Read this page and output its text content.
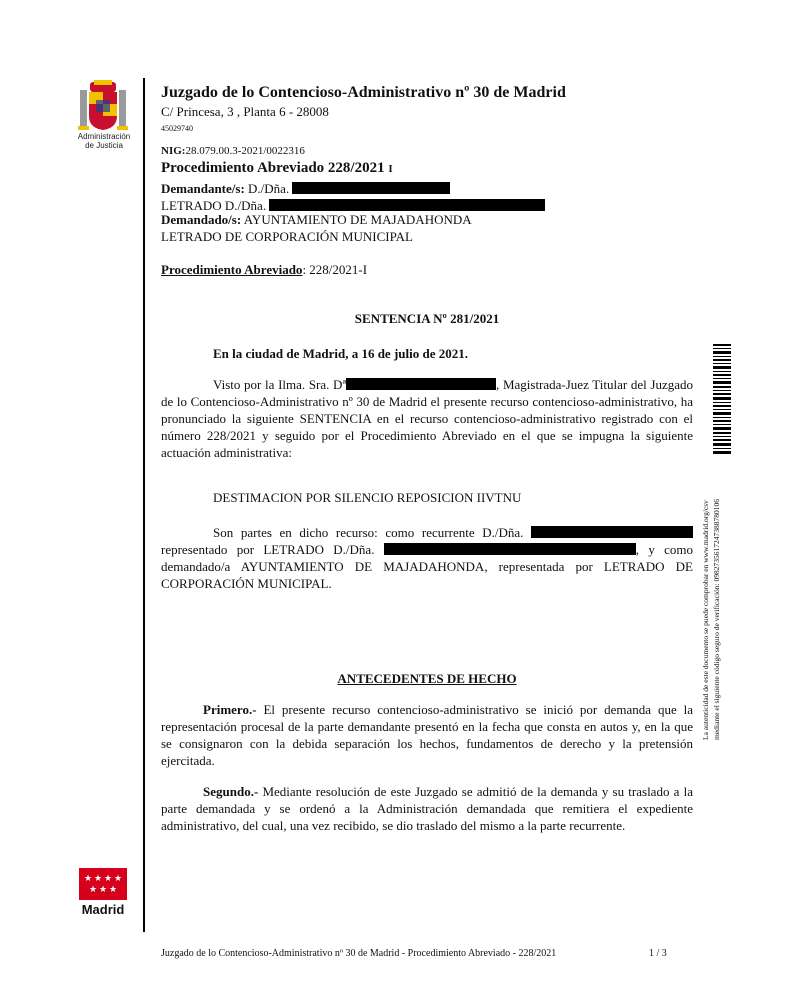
Administración
de Justicia
Juzgado de lo Contencioso-Administrativo nº 30 de Madrid
C/ Princesa, 3 , Planta 6 - 28008
45029740
NIG:28.079.00.3-2021/0022316
Procedimiento Abreviado 228/2021 I
Demandante/s: D./Dña.
LETRADO D./Dña.
Demandado/s: AYUNTAMIENTO DE MAJADAHONDA
LETRADO DE CORPORACIÓN MUNICIPAL
Procedimiento Abreviado: 228/2021-I
SENTENCIA Nº 281/2021
En la ciudad de Madrid, a 16 de julio de 2021.
Visto por la Ilma. Sra. Dª	, Magistrada-Juez Titular del Juzgado de lo Contencioso-Administrativo nº 30 de Madrid el presente recurso contencioso-administrativo, ha pronunciado la siguiente SENTENCIA en el recurso contencioso-administrativo registrado con el número 228/2021 y seguido por el Procedimiento Abreviado en el que se impugna la siguiente actuación administrativa:
DESTIMACION POR SILENCIO REPOSICION IIVTNU
Son partes en dicho recurso: como recurrente D./Dña.  representado por LETRADO D./Dña.	, y como demandado/a AYUNTAMIENTO DE MAJADAHONDA, representada por LETRADO DE CORPORACIÓN MUNICIPAL.
ANTECEDENTES DE HECHO
Primero.- El presente recurso contencioso-administrativo se inició por demanda que la representación procesal de la parte demandante presentó en la fecha que consta en autos y, en la que se consignaron con la debida separación los hechos, fundamentos de derecho y la pretensión ejercitada.
Segundo.- Mediante resolución de este Juzgado se admitió de la demanda y su traslado a la parte demandada y se ordenó a la Administración demandada que remitiera el expediente administrativo, del cual, una vez recibido, se dio traslado del mismo a la parte recurrente.
La autenticidad de este documento se puede comprobar en www.madrid.org/csv mediante el siguiente código seguro de verificación: 0982735617247388780106
★ ★ ★ ★
★ ★ ★
Madrid
Juzgado de lo Contencioso-Administrativo nº 30 de Madrid - Procedimiento Abreviado - 228/2021	1 / 3
